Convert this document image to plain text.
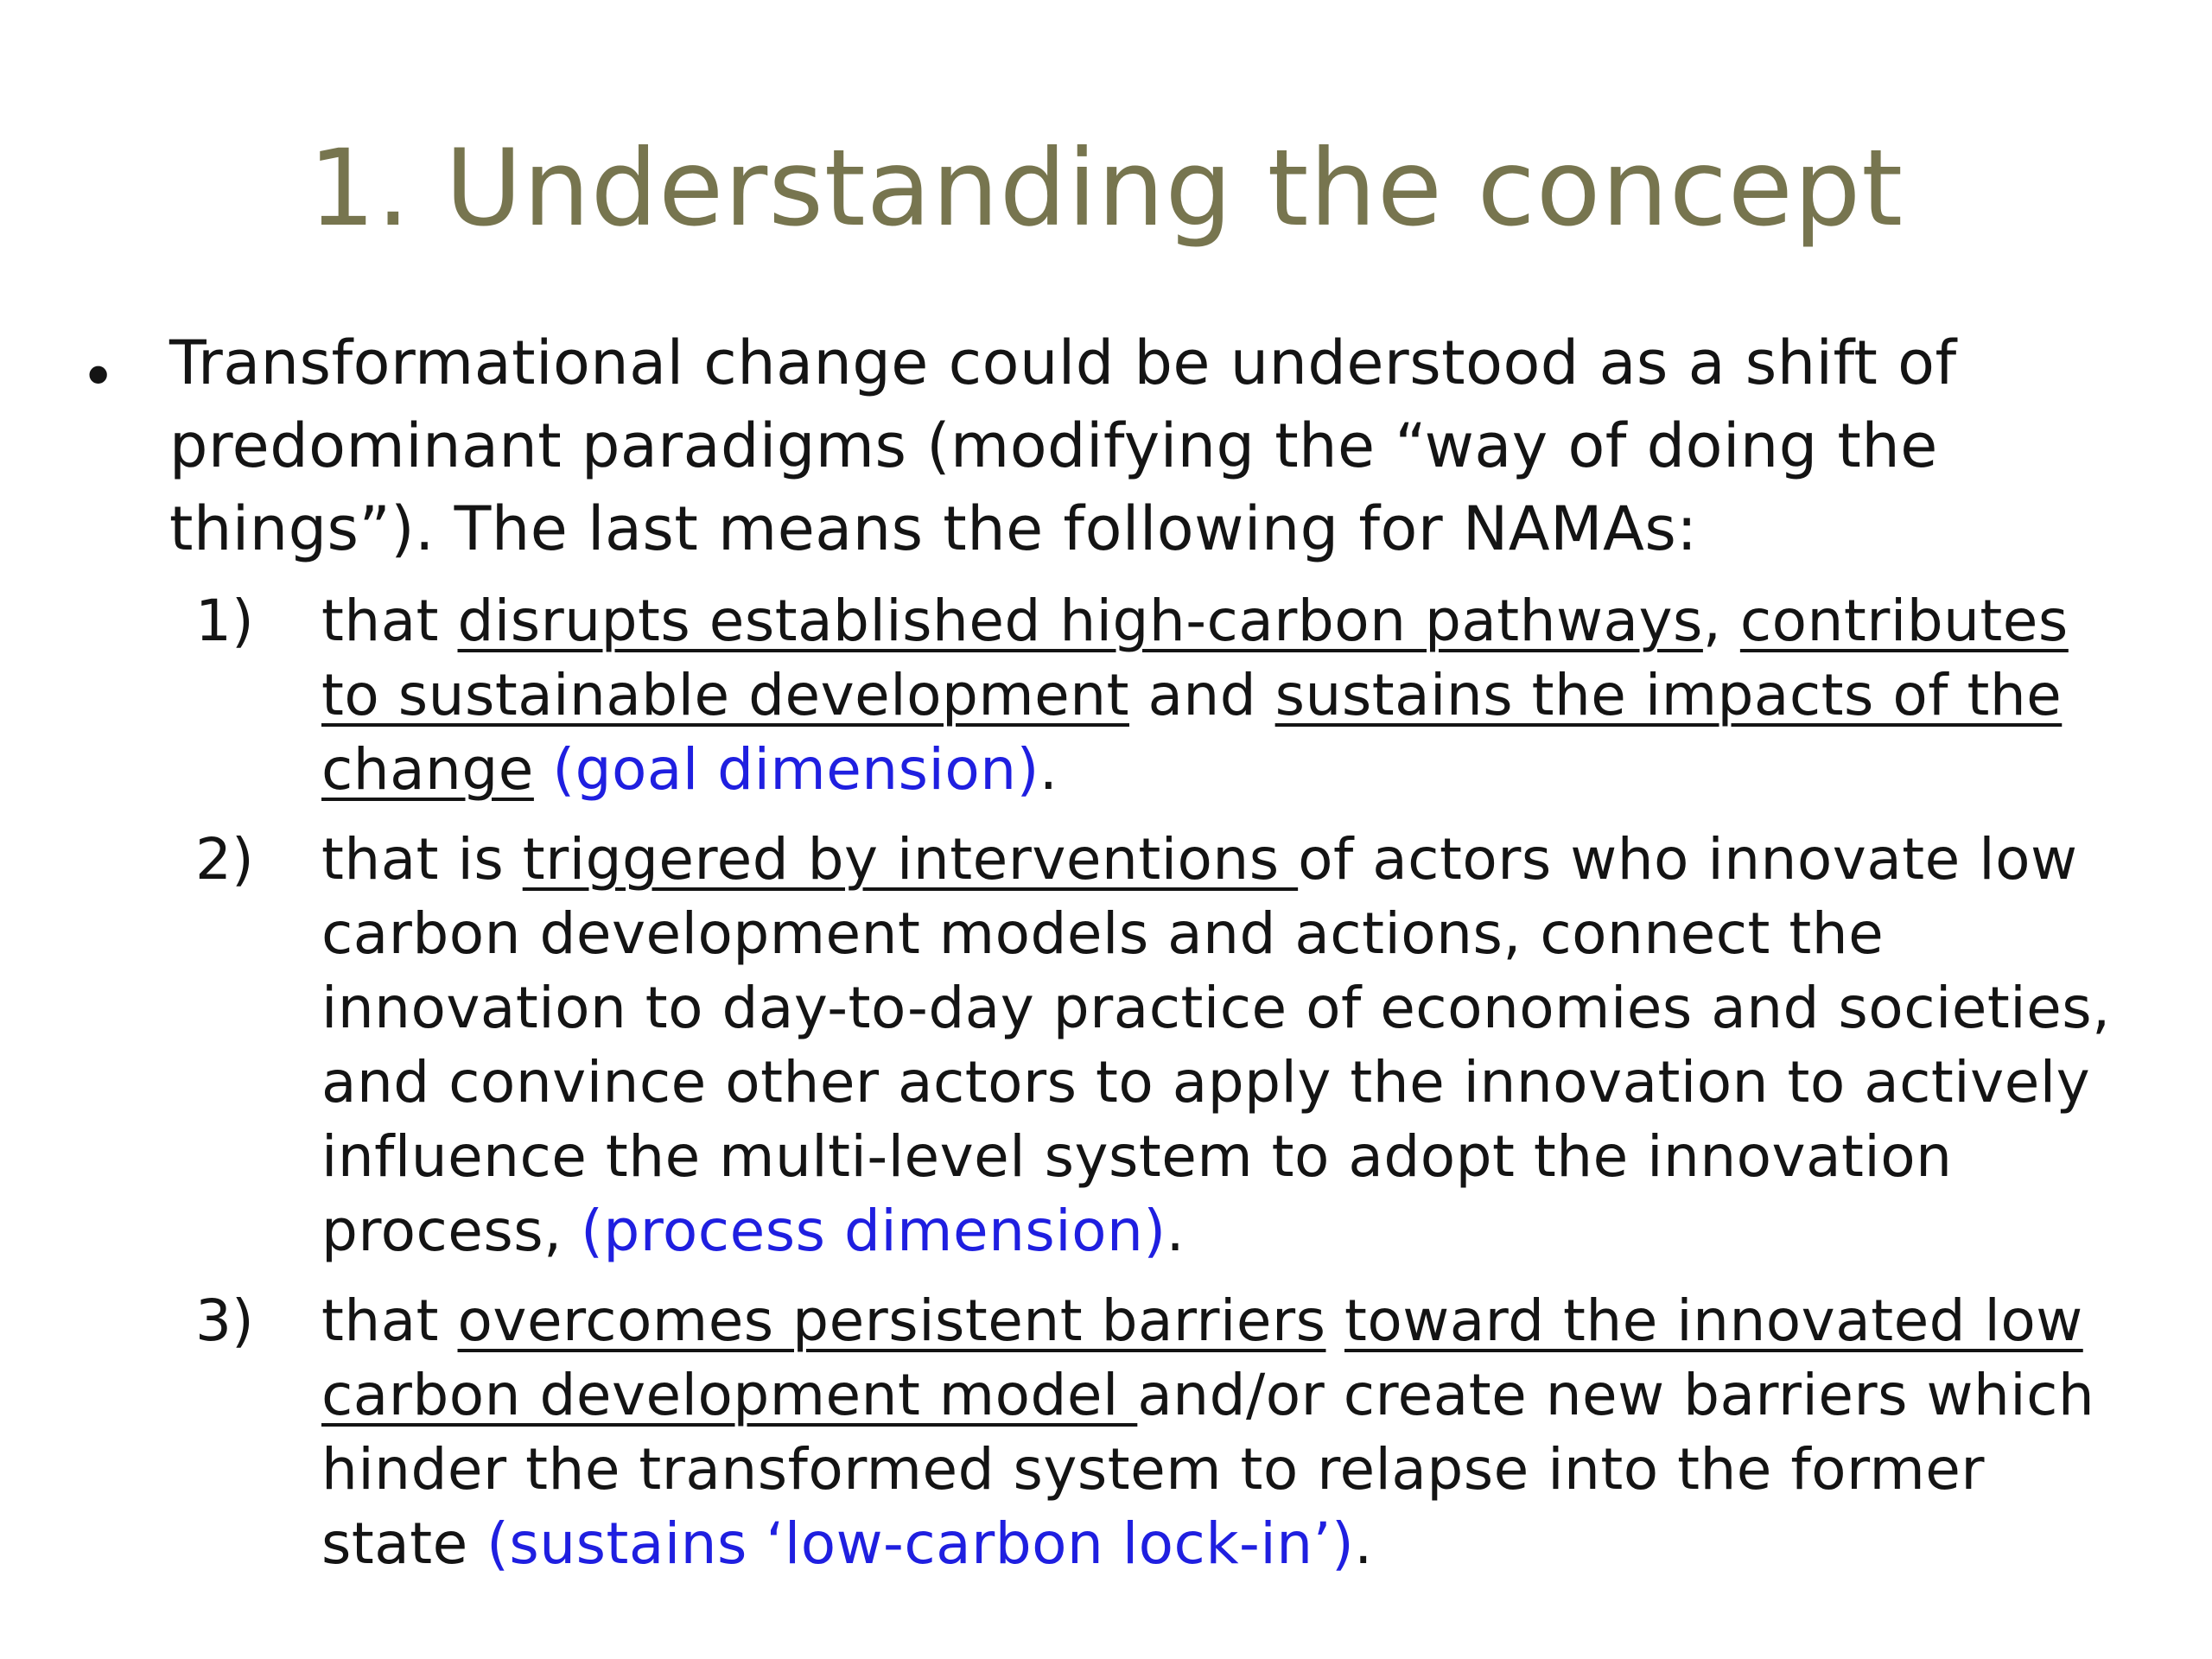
1. Understanding the concept
• Transformational change could be understood as a shift of predominant paradigms (modifying the “way of doing the things”). The last means the following for NAMAs:
1) that disrupts established high-carbon pathways, contributes to sustainable development and sustains the impacts of the change (goal dimension).
2) that is triggered by interventions of actors who innovate low carbon development models and actions, connect the innovation to day-to-day practice of economies and societies, and convince other actors to apply the innovation to actively influence the multi-level system to adopt the innovation process, (process dimension).
3) that overcomes persistent barriers toward the innovated low carbon development model and/or create new barriers which hinder the transformed system to relapse into the former state (sustains ‘low-carbon lock-in’).
